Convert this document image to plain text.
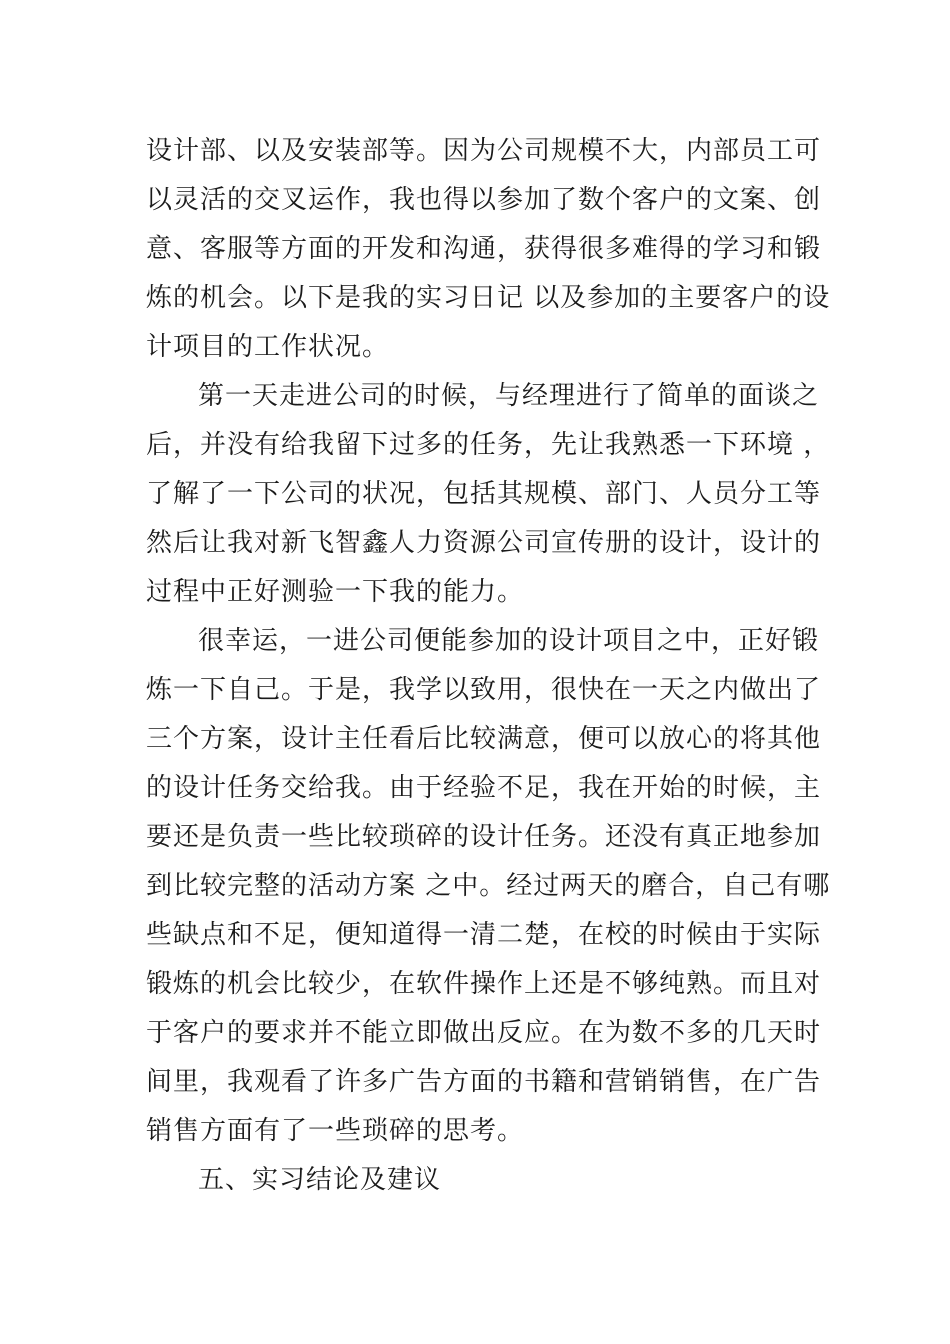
设计部、以及安装部等。因为公司规模不大，内部员工可
以灵活的交叉运作，我也得以参加了数个客户的文案、创
意、客服等方面的开发和沟通，获得很多难得的学习和锻
炼的机会。以下是我的实习日记 以及参加的主要客户的设
计项目的工作状况。
第一天走进公司的时候，与经理进行了简单的面谈之
后，并没有给我留下过多的任务，先让我熟悉一下环境 ，
了解了一下公司的状况，包括其规模、部门、人员分工等
然后让我对新飞智鑫人力资源公司宣传册的设计，设计的
过程中正好测验一下我的能力。
很幸运，一进公司便能参加的设计项目之中，正好锻
炼一下自己。于是，我学以致用，很快在一天之内做出了
三个方案，设计主任看后比较满意，便可以放心的将其他
的设计任务交给我。由于经验不足，我在开始的时候，主
要还是负责一些比较琐碎的设计任务。还没有真正地参加
到比较完整的活动方案 之中。经过两天的磨合，自己有哪
些缺点和不足，便知道得一清二楚，在校的时候由于实际
锻炼的机会比较少，在软件操作上还是不够纯熟。而且对
于客户的要求并不能立即做出反应。在为数不多的几天时
间里，我观看了许多广告方面的书籍和营销销售，在广告
销售方面有了一些琐碎的思考。
五、实习结论及建议
